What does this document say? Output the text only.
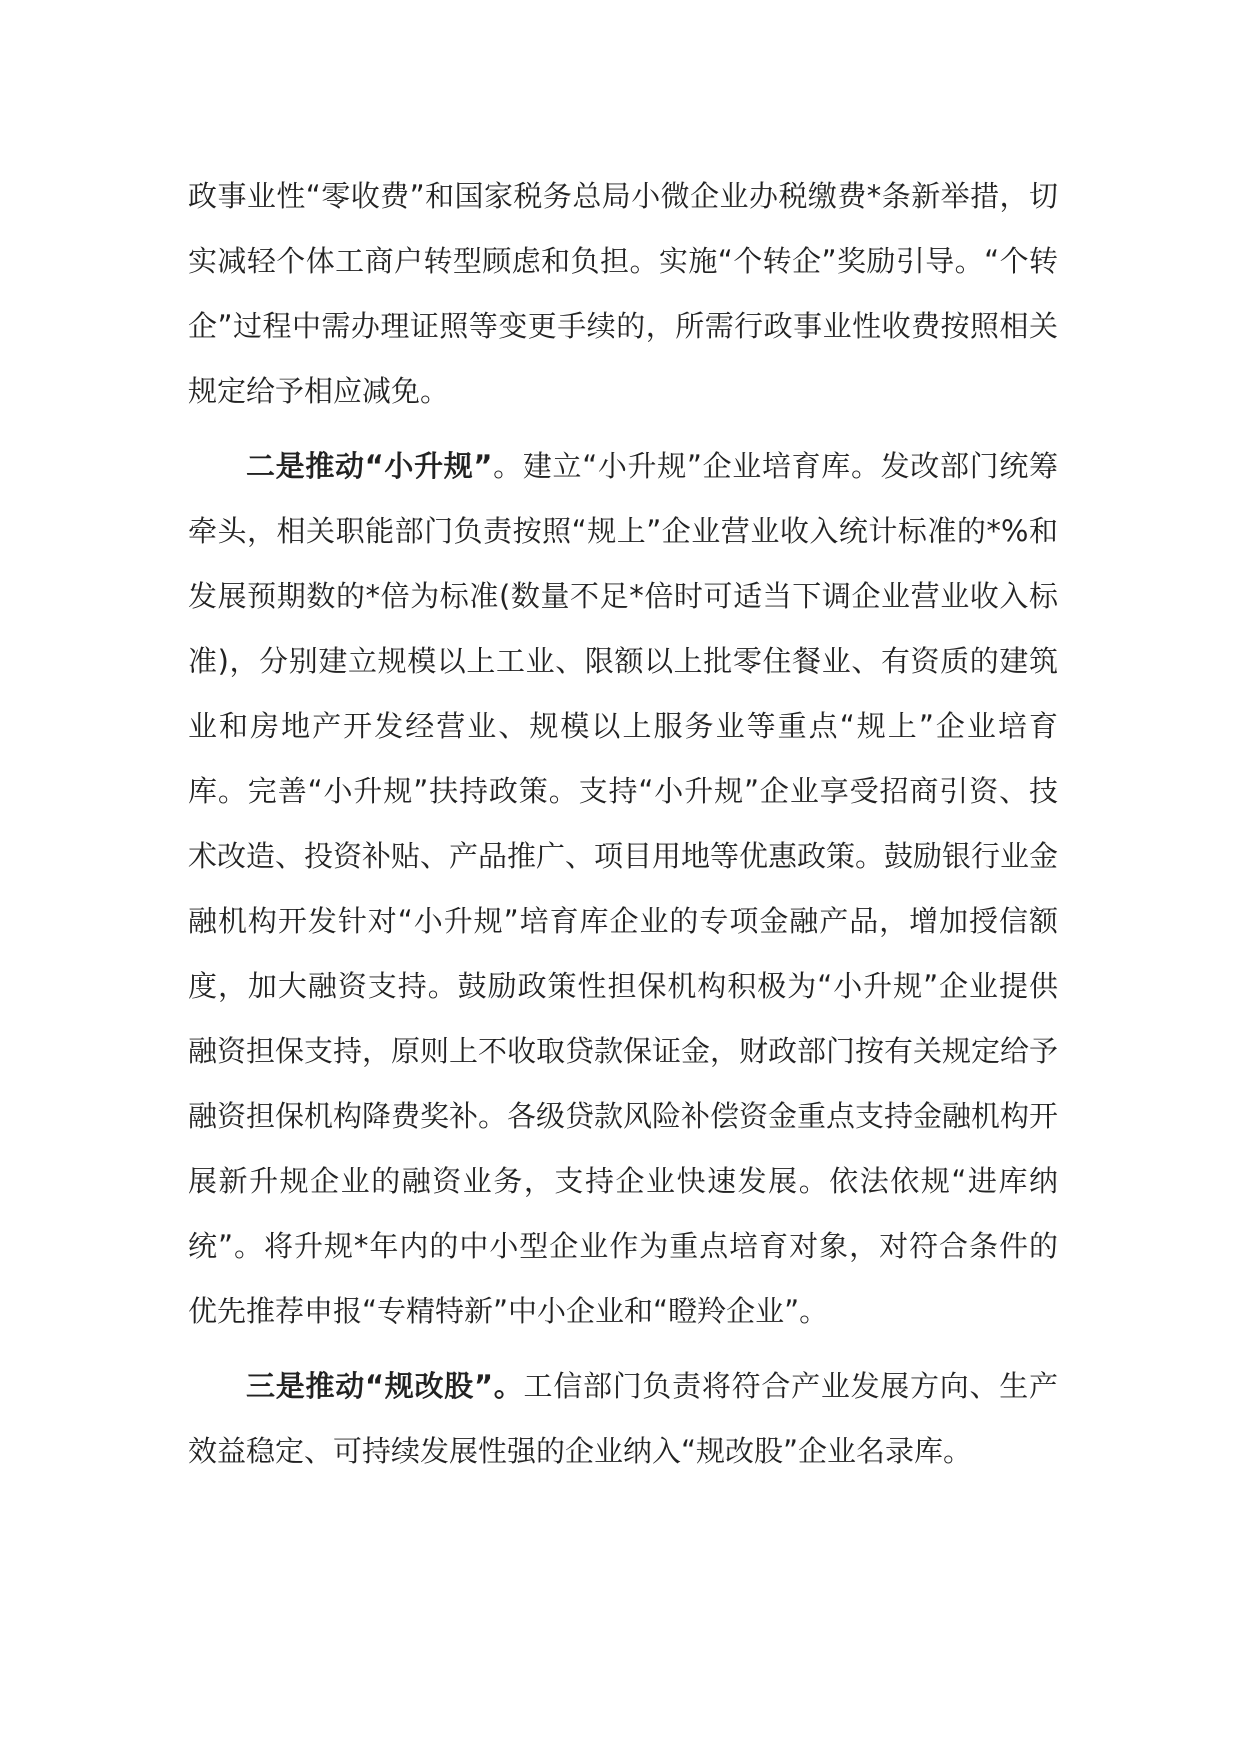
政事业性“零收费”和国家税务总局小微企业办税缴费*条新举措，切实减轻个体工商户转型顾虑和负担。实施“个转企”奖励引导。“个转企”过程中需办理证照等变更手续的，所需行政事业性收费按照相关规定给予相应减免。

二是推动“小升规”。建立“小升规”企业培育库。发改部门统筹牵头，相关职能部门负责按照“规上”企业营业收入统计标准的*%和发展预期数的*倍为标准(数量不足*倍时可适当下调企业营业收入标准)，分别建立规模以上工业、限额以上批零住餐业、有资质的建筑业和房地产开发经营业、规模以上服务业等重点“规上”企业培育库。完善“小升规”扶持政策。支持“小升规”企业享受招商引资、技术改造、投资补贴、产品推广、项目用地等优惠政策。鼓励银行业金融机构开发针对“小升规”培育库企业的专项金融产品，增加授信额度，加大融资支持。鼓励政策性担保机构积极为“小升规”企业提供融资担保支持，原则上不收取贷款保证金，财政部门按有关规定给予融资担保机构降费奖补。各级贷款风险补偿资金重点支持金融机构开展新升规企业的融资业务，支持企业快速发展。依法依规“进库纳统”。将升规*年内的中小型企业作为重点培育对象，对符合条件的优先推荐申报“专精特新”中小企业和“瞪羚企业”。

三是推动“规改股”。工信部门负责将符合产业发展方向、生产效益稳定、可持续发展性强的企业纳入“规改股”企业名录库。
